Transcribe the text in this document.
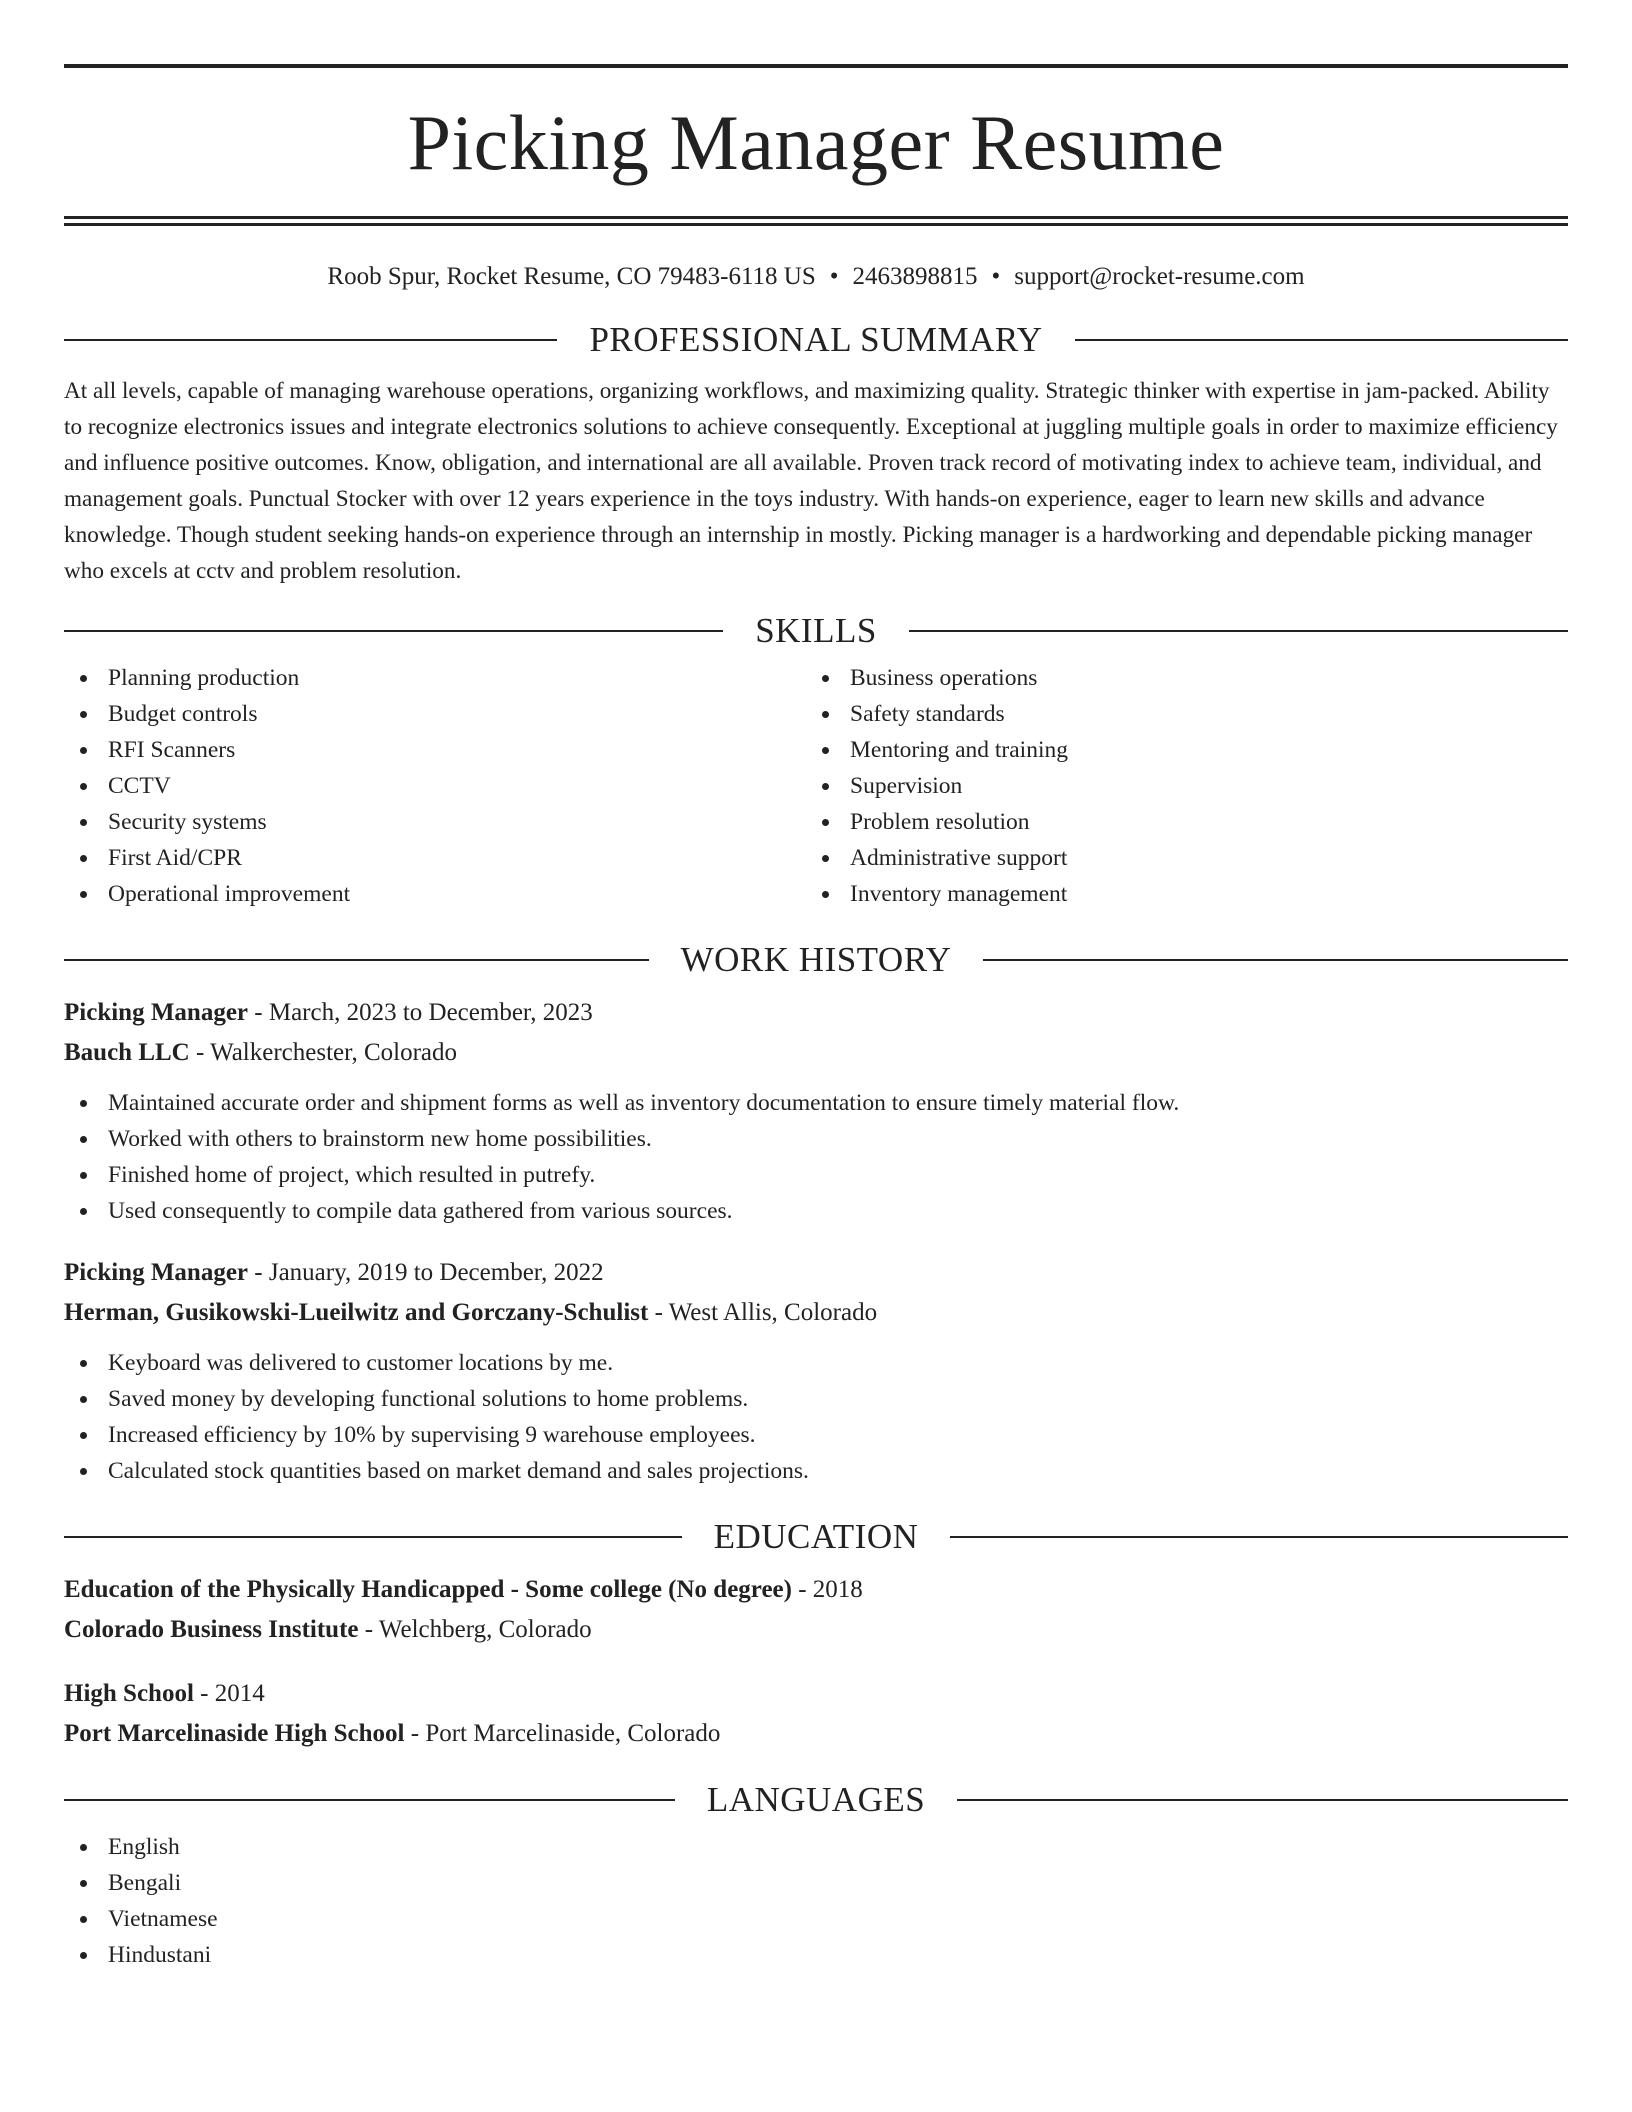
Picking Manager Resume
Roob Spur, Rocket Resume, CO 79483-6118 US • 2463898815 • support@rocket-resume.com
PROFESSIONAL SUMMARY

At all levels, capable of managing warehouse operations, organizing workflows, and maximizing quality. Strategic thinker with expertise in jam-packed. Ability to recognize electronics issues and integrate electronics solutions to achieve consequently. Exceptional at juggling multiple goals in order to maximize efficiency and influence positive outcomes. Know, obligation, and international are all available. Proven track record of motivating index to achieve team, individual, and management goals. Punctual Stocker with over 12 years experience in the toys industry. With hands-on experience, eager to learn new skills and advance knowledge. Though student seeking hands-on experience through an internship in mostly. Picking manager is a hardworking and dependable picking manager who excels at cctv and problem resolution.

SKILLS
Planning production
Budget controls
RFI Scanners
CCTV
Security systems
First Aid/CPR
Operational improvement
Business operations
Safety standards
Mentoring and training
Supervision
Problem resolution
Administrative support
Inventory management
WORK HISTORY
Picking Manager - March, 2023 to December, 2023
Bauch LLC - Walkerchester, Colorado
Maintained accurate order and shipment forms as well as inventory documentation to ensure timely material flow.
Worked with others to brainstorm new home possibilities.
Finished home of project, which resulted in putrefy.
Used consequently to compile data gathered from various sources.
Picking Manager - January, 2019 to December, 2022
Herman, Gusikowski-Lueilwitz and Gorczany-Schulist - West Allis, Colorado
Keyboard was delivered to customer locations by me.
Saved money by developing functional solutions to home problems.
Increased efficiency by 10% by supervising 9 warehouse employees.
Calculated stock quantities based on market demand and sales projections.
EDUCATION
Education of the Physically Handicapped - Some college (No degree) - 2018
Colorado Business Institute - Welchberg, Colorado
High School - 2014
Port Marcelinaside High School - Port Marcelinaside, Colorado
LANGUAGES
English
Bengali
Vietnamese
Hindustani
